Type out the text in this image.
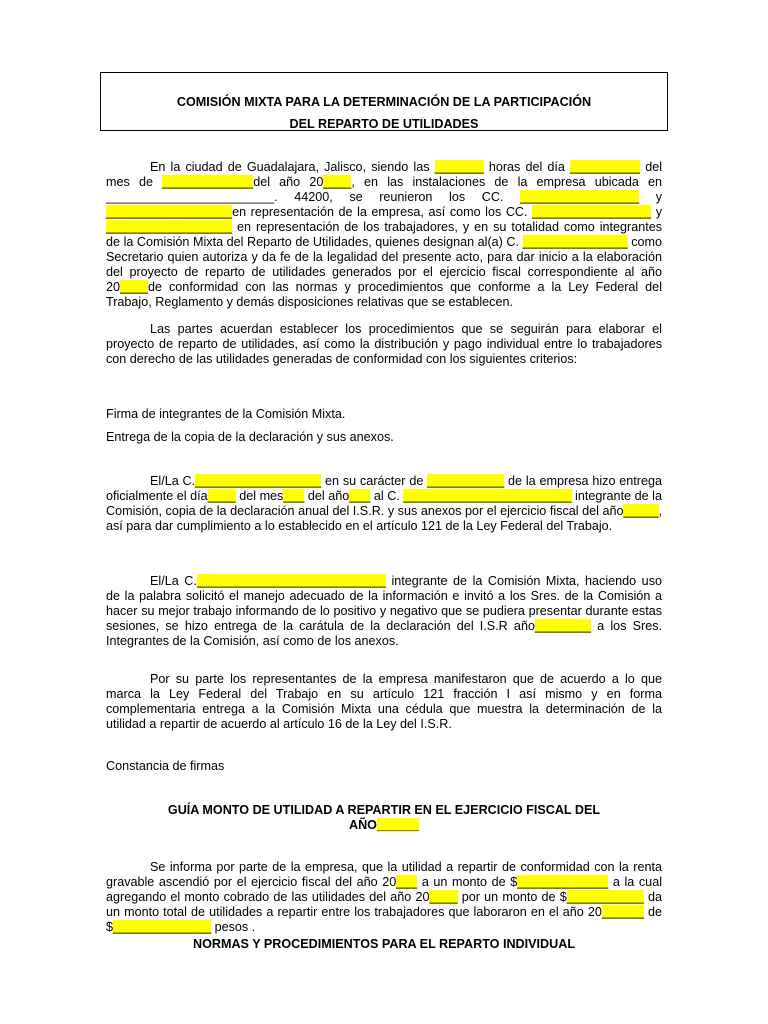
COMISIÓN MIXTA PARA LA DETERMINACIÓN DE LA PARTICIPACIÓN
DEL REPARTO DE UTILIDADES
En la ciudad de Guadalajara, Jalisco, siendo las _______ horas del día __________ del mes de _____________del año 20____, en las instalaciones de la empresa ubicada en ________________________. 44200, se reunieron los CC. _________________ y __________________en representación de la empresa, así como los CC. _________________ y __________________ en representación de los trabajadores, y en su totalidad como integrantes de la Comisión Mixta del Reparto de Utilidades, quienes designan al(a) C. _______________ como Secretario quien autoriza y da fe de la legalidad del presente acto, para dar inicio a la elaboración del proyecto de reparto de utilidades generados por el ejercicio fiscal correspondiente al año 20____de conformidad con las normas y procedimientos que conforme a la Ley Federal del Trabajo, Reglamento y demás disposiciones relativas que se establecen.
Las partes acuerdan establecer los procedimientos que se seguirán para elaborar el proyecto de reparto de utilidades, así como la distribución y pago individual entre lo trabajadores con derecho de las utilidades generadas de conformidad con los siguientes criterios:
Firma de integrantes de la Comisión Mixta.
Entrega de la copia de la declaración y sus anexos.
El/La C.__________________ en su carácter de ___________ de la empresa hizo entrega oficialmente el día____ del mes___ del año___ al C. ________________________ integrante de la Comisión, copia de la declaración anual del I.S.R. y sus anexos por el ejercicio fiscal del año_____, así para dar cumplimiento a lo establecido en el artículo 121 de la Ley Federal del Trabajo.
El/La C.___________________________ integrante de la Comisión Mixta, haciendo uso de la palabra solicitó el manejo adecuado de la información e invitó a los Sres. de la Comisión a hacer su mejor trabajo informando de lo positivo y negativo que se pudiera presentar durante estas sesiones, se hizo entrega de la carátula de la declaración del I.S.R año________ a los Sres. Integrantes de la Comisión, así como de los anexos.
Por su parte los representantes de la empresa manifestaron que de acuerdo a lo que marca la Ley Federal del Trabajo en su artículo 121 fracción I así mismo y en forma complementaria entrega a la Comisión Mixta una cédula que muestra la determinación de la utilidad a repartir de acuerdo al artículo 16 de la Ley del I.S.R.
Constancia de firmas
GUÍA MONTO DE UTILIDAD A REPARTIR EN EL EJERCICIO FISCAL DEL
AÑO______
Se informa por parte de la empresa, que la utilidad a repartir de conformidad con la renta gravable ascendió por el ejercicio fiscal del año 20___ a un monto de $_____________ a la cual agregando el monto cobrado de las utilidades del año 20____ por un monto de $___________ da un monto total de utilidades a repartir entre los trabajadores que laboraron en el año 20______ de $______________ pesos .
NORMAS Y PROCEDIMIENTOS PARA EL REPARTO INDIVIDUAL
